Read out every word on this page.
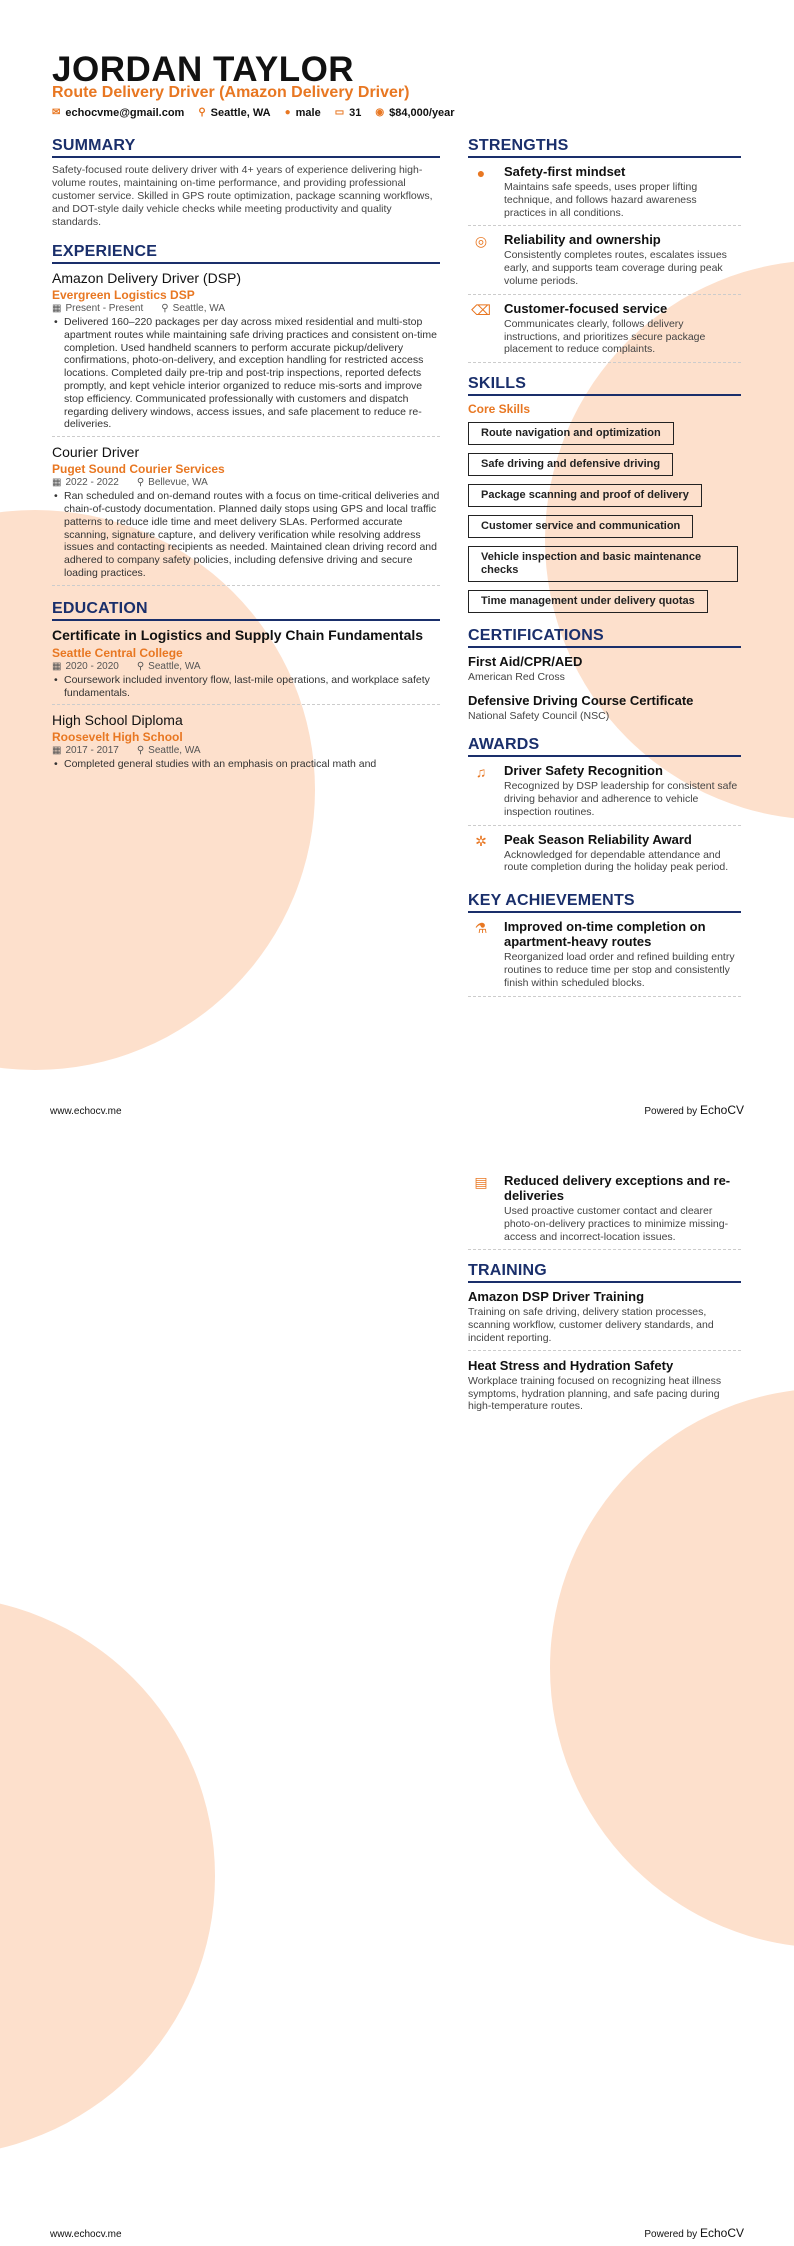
JORDAN TAYLOR
Route Delivery Driver (Amazon Delivery Driver)
✉ echocvme@gmail.com ⚲ Seattle, WA ● male ▭ 31 ◉ $84,000/year
SUMMARY
Safety-focused route delivery driver with 4+ years of experience delivering high-volume routes, maintaining on-time performance, and providing professional customer service. Skilled in GPS route optimization, package scanning workflows, and DOT-style daily vehicle checks while meeting productivity and quality standards.
EXPERIENCE
Amazon Delivery Driver (DSP)
Evergreen Logistics DSP
▦ Present - Present ⚲ Seattle, WA
• Delivered 160–220 packages per day across mixed residential and multi-stop apartment routes while maintaining safe driving practices and consistent on-time completion. Used handheld scanners to perform accurate pickup/delivery confirmations, photo-on-delivery, and exception handling for restricted access locations. Completed daily pre-trip and post-trip inspections, reported defects promptly, and kept vehicle interior organized to reduce mis-sorts and improve stop efficiency. Communicated professionally with customers and dispatch regarding delivery windows, access issues, and safe placement to reduce re-deliveries.
Courier Driver
Puget Sound Courier Services
▦ 2022 - 2022 ⚲ Bellevue, WA
• Ran scheduled and on-demand routes with a focus on time-critical deliveries and chain-of-custody documentation. Planned daily stops using GPS and local traffic patterns to reduce idle time and meet delivery SLAs. Performed accurate scanning, signature capture, and delivery verification while resolving address issues and contacting recipients as needed. Maintained clean driving record and adhered to company safety policies, including defensive driving and secure loading practices.
EDUCATION
Certificate in Logistics and Supply Chain Fundamentals
Seattle Central College
▦ 2020 - 2020 ⚲ Seattle, WA
• Coursework included inventory flow, last-mile operations, and workplace safety fundamentals.
High School Diploma
Roosevelt High School
▦ 2017 - 2017 ⚲ Seattle, WA
• Completed general studies with an emphasis on practical math and
STRENGTHS
●	Safety-first mindset
Maintains safe speeds, uses proper lifting technique, and follows hazard awareness practices in all conditions.
◎	Reliability and ownership
Consistently completes routes, escalates issues early, and supports team coverage during peak volume periods.
⌫ Customer-focused service
Communicates clearly, follows delivery instructions, and prioritizes secure package placement to reduce complaints.
SKILLS
Core Skills
Route navigation and optimization
Safe driving and defensive driving
Package scanning and proof of delivery
Customer service and communication
Vehicle inspection and basic maintenance checks
Time management under delivery quotas
CERTIFICATIONS
First Aid/CPR/AED
American Red Cross
Defensive Driving Course Certificate
National Safety Council (NSC)
AWARDS
♫	Driver Safety Recognition
Recognized by DSP leadership for consistent safe driving behavior and adherence to vehicle inspection routines.
✲	Peak Season Reliability Award
Acknowledged for dependable attendance and route completion during the holiday peak period.
KEY ACHIEVEMENTS
⚗	Improved on-time completion on apartment-heavy routes
Reorganized load order and refined building entry routines to reduce time per stop and consistently finish within scheduled blocks.
www.echocv.me	Powered by EchoCV
▤	Reduced delivery exceptions and re-deliveries
Used proactive customer contact and clearer photo-on-delivery practices to minimize missing-access and incorrect-location issues.
TRAINING
Amazon DSP Driver Training
Training on safe driving, delivery station processes, scanning workflow, customer delivery standards, and incident reporting.
Heat Stress and Hydration Safety
Workplace training focused on recognizing heat illness symptoms, hydration planning, and safe pacing during high-temperature routes.
www.echocv.me	Powered by EchoCV
